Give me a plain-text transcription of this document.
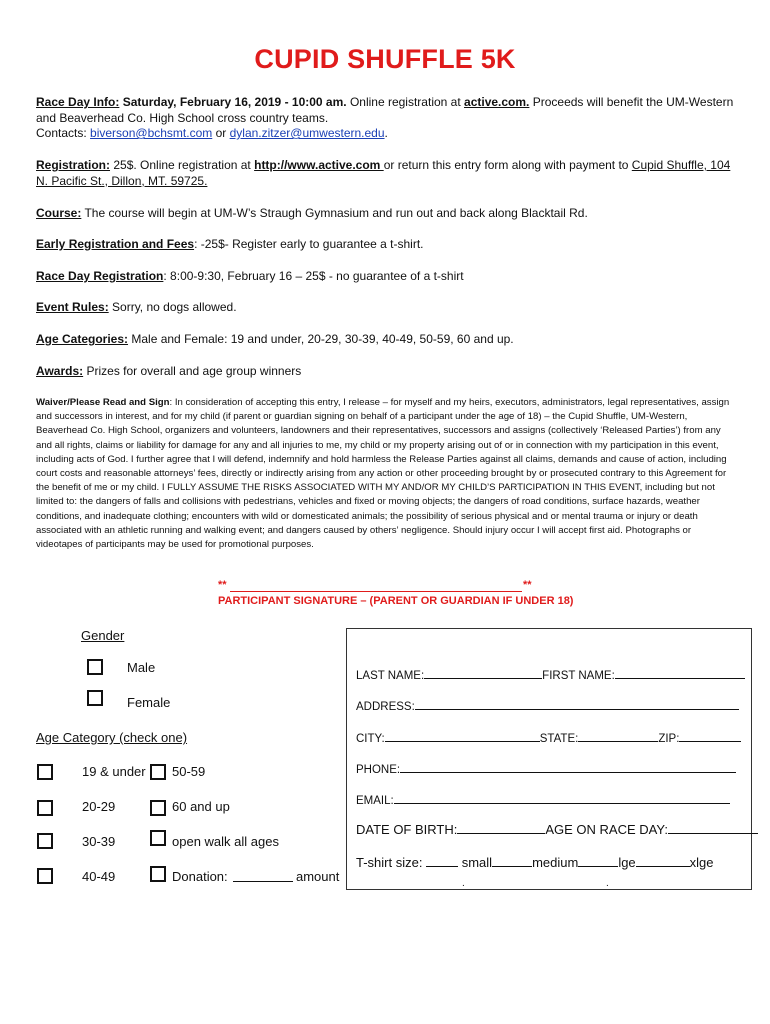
CUPID SHUFFLE 5K
Race Day Info: Saturday, February 16, 2019 - 10:00 am. Online registration at active.com. Proceeds will benefit the UM-Western and Beaverhead Co. High School cross country teams.
Contacts: biverson@bchsmt.com or dylan.zitzer@umwestern.edu.
Registration: 25$. Online registration at http://www.active.com or return this entry form along with payment to Cupid Shuffle, 104 N. Pacific St., Dillon, MT. 59725.
Course: The course will begin at UM-W’s Straugh Gymnasium and run out and back along Blacktail Rd.
Early Registration and Fees: -25$- Register early to guarantee a t-shirt.
Race Day Registration: 8:00-9:30, February 16 – 25$ - no guarantee of a t-shirt
Event Rules: Sorry, no dogs allowed.
Age Categories: Male and Female: 19 and under, 20-29, 30-39, 40-49, 50-59, 60 and up.
Awards: Prizes for overall and age group winners
Waiver/Please Read and Sign: In consideration of accepting this entry, I release – for myself and my heirs, executors, administrators, legal representatives, assign and successors in interest, and for my child (if parent or guardian signing on behalf of a participant under the age of 18) – the Cupid Shuffle, UM-Western, Beaverhead Co. High School, organizers and volunteers, landowners and their representatives, successors and assigns (collectively ‘Released Parties’) from any and all rights, claims or liability for damage for any and all injuries to me, my child or my property arising out of or in connection with my participation in this event, including acts of God. I further agree that I will defend, indemnify and hold harmless the Release Parties against all claims, demands and cause of action, including court costs and reasonable attorneys’ fees, directly or indirectly arising from any action or other proceeding brought by or prosecuted contrary to this Agreement for the benefit of me or my child. I FULLY ASSUME THE RISKS ASSOCIATED WITH MY AND/OR MY CHILD’S PARTICIPATION IN THIS EVENT, including but not limited to: the dangers of falls and collisions with pedestrians, vehicles and fixed or moving objects; the dangers of road conditions, surface hazards, weather conditions, and inadequate clothing; encounters with wild or domesticated animals; the possibility of serious physical and or mental trauma or injury or death associated with an athletic running and walking event; and dangers caused by others’ negligence. Should injury occur I will accept first aid. Photographs or videotapes of participants may be used for promotional purposes.
**	**
PARTICIPANT SIGNATURE – (PARENT OR GUARDIAN IF UNDER 18)
Gender
Male
Female
Age Category (check one)
19 & under 50-59
20-29	60 and up
30-39	open walk all ages
40-49	Donation:	amount
LAST NAME:	FIRST NAME:
ADDRESS:
CITY:	STATE:	ZIP:
PHONE:
EMAIL:
DATE OF BIRTH:	AGE ON RACE DAY:
T-shirt size:	small	medium	lge	xlge
.	.
